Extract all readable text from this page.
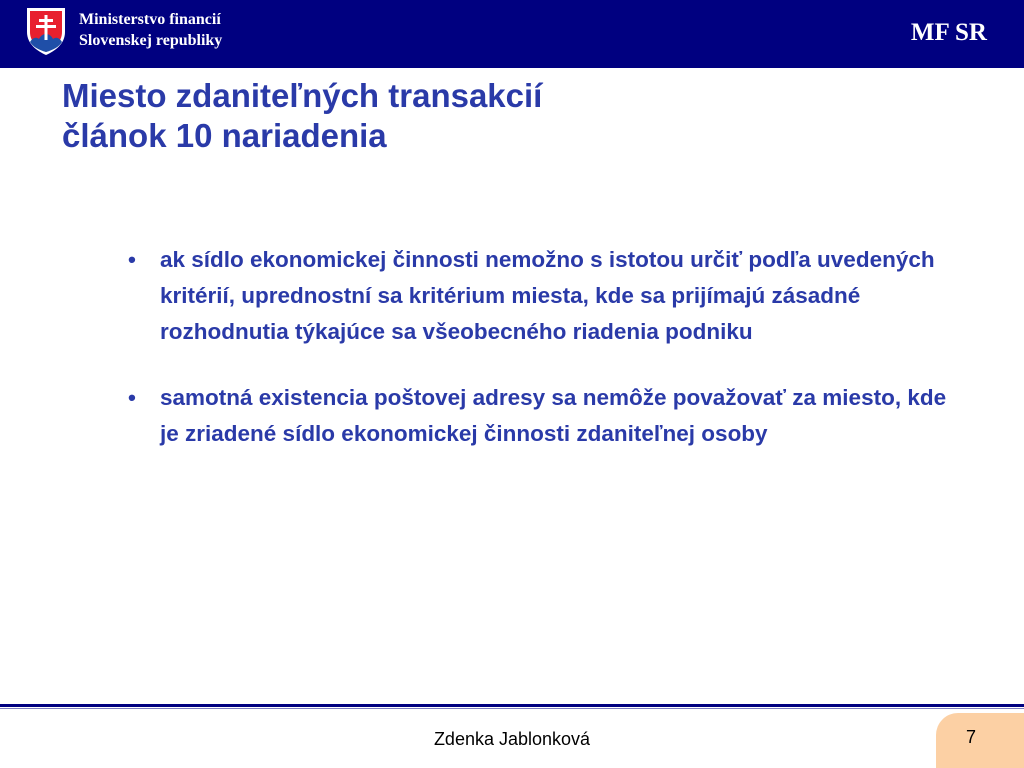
Ministerstvo financií
Slovenskej republiky	MF SR
Miesto zdaniteľných transakcií
článok 10 nariadenia
• ak sídlo ekonomickej činnosti nemožno s istotou určiť podľa uvedených kritérií, uprednostní sa kritérium miesta, kde sa prijímajú zásadné rozhodnutia týkajúce sa všeobecného riadenia podniku
• samotná existencia poštovej adresy sa nemôže považovať za miesto, kde je zriadené sídlo ekonomickej činnosti zdaniteľnej osoby
Zdenka Jablonková	7
